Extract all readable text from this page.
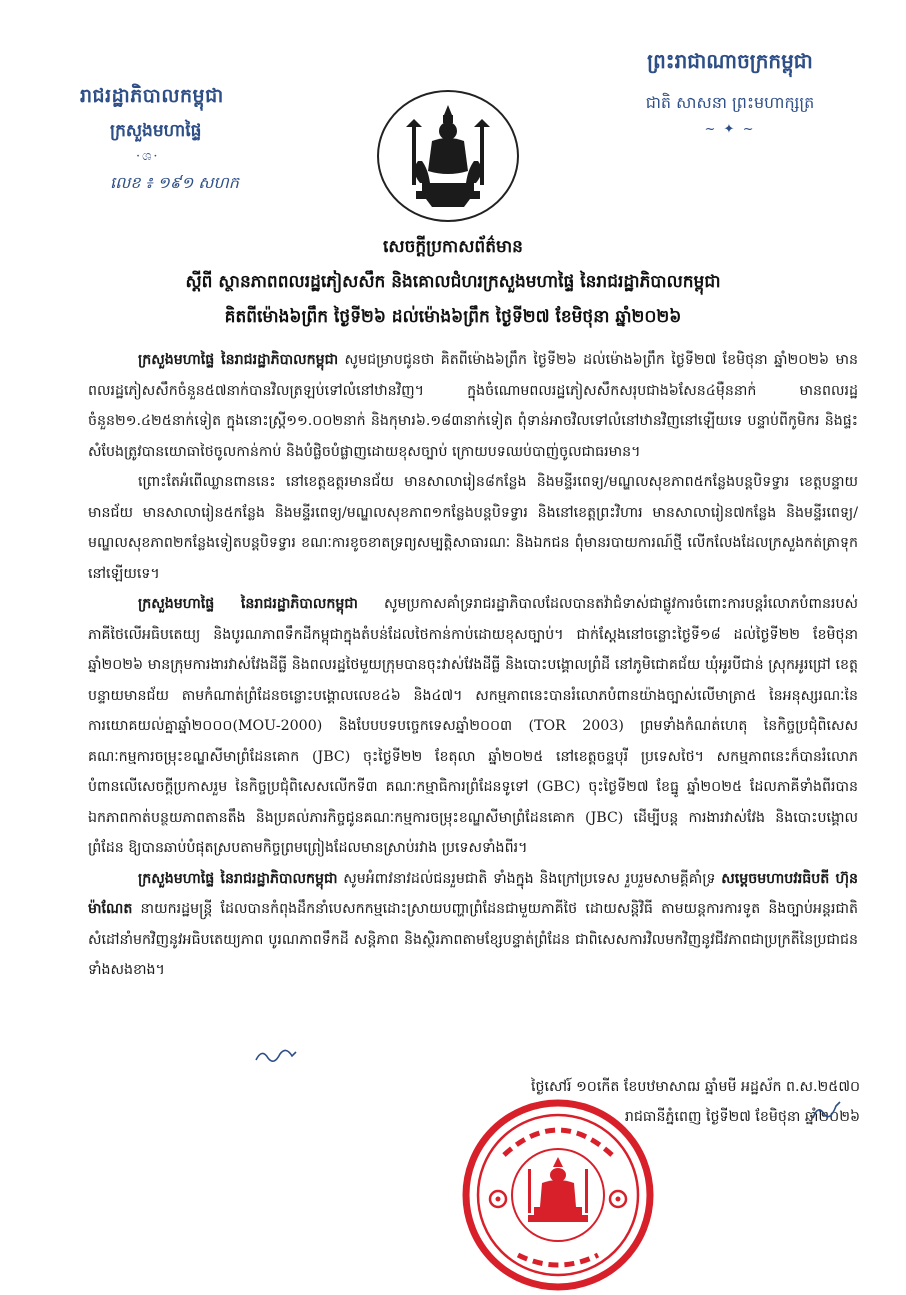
រាជរដ្ឋាភិបាលកម្ពុជា
ក្រសួងមហាផ្ទៃ
·ශ·
លេខ ៖ ១៩១ សហក
ព្រះរាជាណាចក្រកម្ពុជា
ជាតិ សាសនា ព្រះមហាក្សត្រ
~ ✦ ~
សេចក្តីប្រកាសព័ត៌មាន
ស្តីពី ស្ថានភាពពលរដ្ឋភៀសសឹក និងគោលជំហរក្រសួងមហាផ្ទៃ នៃរាជរដ្ឋាភិបាលកម្ពុជា
គិតពីម៉ោង៦ព្រឹក ថ្ងៃទី២៦ ដល់ម៉ោង៦ព្រឹក ថ្ងៃទី២៧ ខែមិថុនា ឆ្នាំ២០២៦

ក្រសួងមហាផ្ទៃ នៃរាជរដ្ឋាភិបាលកម្ពុជា សូមជម្រាបជូនថា គិតពីម៉ោង៦ព្រឹក ថ្ងៃទី២៦ ដល់ម៉ោង៦ព្រឹក ថ្ងៃទី២៧ ខែមិថុនា ឆ្នាំ២០២៦ មានពលរដ្ឋភៀសសឹកចំនួន៥៧នាក់បានវិលត្រឡប់ទៅលំនៅឋានវិញ។ ក្នុងចំណោមពលរដ្ឋភៀសសឹកសរុបជាង៦សែន៤ម៉ឺននាក់ មានពលរដ្ឋចំនួន២១.៤២៥នាក់ទៀត ក្នុងនោះស្ត្រី១១.០០២នាក់ និងកុមារ៦.១៨៣នាក់ទៀត ពុំទាន់អាចវិលទៅលំនៅឋានវិញនៅឡើយទេ បន្ទាប់ពីកូមិករ និងផ្ទះសំបែងត្រូវបានយោធាថៃចូលកាន់កាប់ និងបំផ្លិចបំផ្លាញដោយខុសច្បាប់ ក្រោយបទឈប់បាញ់ចូលជាធរមាន។

ព្រោះតែអំពើឈ្លានពាននេះ នៅខេត្តឧត្តរមានជ័យ មានសាលារៀន៨កន្លែង និងមន្ទីរពេទ្យ/មណ្ឌលសុខភាព៥កន្លែងបន្តបិទទ្វារ ខេត្តបន្ទាយមានជ័យ មានសាលារៀន៥កន្លែង និងមន្ទីរពេទ្យ/មណ្ឌលសុខភាព១កន្លែងបន្តបិទទ្វារ និងនៅខេត្តព្រះវិហារ មានសាលារៀន៧កន្លែង និងមន្ទីរពេទ្យ/មណ្ឌលសុខភាព២កន្លែងទៀតបន្តបិទទ្វារ ខណៈការខូចខាតទ្រព្យសម្បត្តិសាធារណៈ និងឯកជន ពុំមានរបាយការណ៍ថ្មី លើកលែងដែលក្រសួងកត់ត្រាទុកនៅឡើយទេ។

ក្រសួងមហាផ្ទៃ នៃរាជរដ្ឋាភិបាលកម្ពុជា សូមប្រកាសគាំទ្ររាជរដ្ឋាភិបាលដែលបានតវ៉ាជំទាស់ជាផ្លូវការចំពោះការបន្តរំលោភបំពានរបស់ភាគីថៃលើអធិបតេយ្យ និងបូរណភាពទឹកដីកម្ពុជាក្នុងតំបន់ដែលថៃកាន់កាប់ដោយខុសច្បាប់។ ជាក់ស្តែងនៅចន្លោះថ្ងៃទី១៨ ដល់ថ្ងៃទី២២ ខែមិថុនា ឆ្នាំ២០២៦ មានក្រុមការងារវាស់វែងដីធ្លី និងពលរដ្ឋថៃមួយក្រុមបានចុះវាស់វែងដីធ្លី និងបោះបង្គោលព្រំដី នៅភូមិជោគជ័យ ឃុំអូរបីជាន់ ស្រុកអូរជ្រៅ ខេត្តបន្ទាយមានជ័យ តាមកំណាត់ព្រំដែនចន្លោះបង្គោលលេខ៤៦ និង៤៧។ សកម្មភាពនេះបានរំលោភបំពានយ៉ាងច្បាស់លើមាត្រា៥ នៃអនុស្សរណៈនៃការយោគយល់គ្នាឆ្នាំ២០០០(MOU-2000) និងបែបបទបច្ចេកទេសឆ្នាំ២០០៣ (TOR 2003) ព្រមទាំងកំណត់ហេតុ នៃកិច្ចប្រជុំពិសេសគណៈកម្មការចម្រុះខណ្ឌសីមាព្រំដែនគោក (JBC) ចុះថ្ងៃទី២២ ខែតុលា ឆ្នាំ២០២៥ នៅខេត្តចន្ទបុរី ប្រទេសថៃ។ សកម្មភាពនេះក៏បានរំលោភបំពានលើសេចក្តីប្រកាសរួម នៃកិច្ចប្រជុំពិសេសលើកទី៣ គណៈកម្មាធិការព្រំដែនទូទៅ (GBC) ចុះថ្ងៃទី២៧ ខែធ្នូ ឆ្នាំ២០២៥ ដែលភាគីទាំងពីរបានឯកភាពកាត់បន្ថយភាពតានតឹង និងប្រគល់ភារកិច្ចជូនគណៈកម្មការចម្រុះខណ្ឌសីមាព្រំដែនគោក (JBC) ដើម្បីបន្ត ការងារវាស់វែង និងបោះបង្គោលព្រំដែន ឱ្យបានឆាប់បំផុតស្របតាមកិច្ចព្រមព្រៀងដែលមានស្រាប់រវាង ប្រទេសទាំងពីរ។

ក្រសួងមហាផ្ទៃ នៃរាជរដ្ឋាភិបាលកម្ពុជា សូមអំពាវនាវដល់ជនរួមជាតិ ទាំងក្នុង និងក្រៅប្រទេស រួបរួមសាមគ្គីគាំទ្រ សម្តេចមហាបវរធិបតី ហ៊ុន ម៉ាណែត នាយករដ្ឋមន្ត្រី ដែលបានកំពុងដឹកនាំបេសកកម្មដោះស្រាយបញ្ហាព្រំដែនជាមួយភាគីថៃ ដោយសន្តិវិធី តាមយន្តការការទូត និងច្បាប់អន្តរជាតិ សំដៅនាំមកវិញនូវអធិបតេយ្យភាព បូរណភាពទឹកដី សន្តិភាព និងស្ថិរភាពតាមខ្សែបន្ទាត់ព្រំដែន ជាពិសេសការវិលមកវិញនូវជីវភាពជាប្រក្រតីនៃប្រជាជនទាំងសងខាង។

ថ្ងៃសៅរ៍ ១០កើត ខែបឋមាសាឍ ឆ្នាំមមី អដ្ឋស័ក ព.ស.២៥៧០
រាជធានីភ្នំពេញ ថ្ងៃទី២៧ ខែមិថុនា ឆ្នាំ២០២៦
